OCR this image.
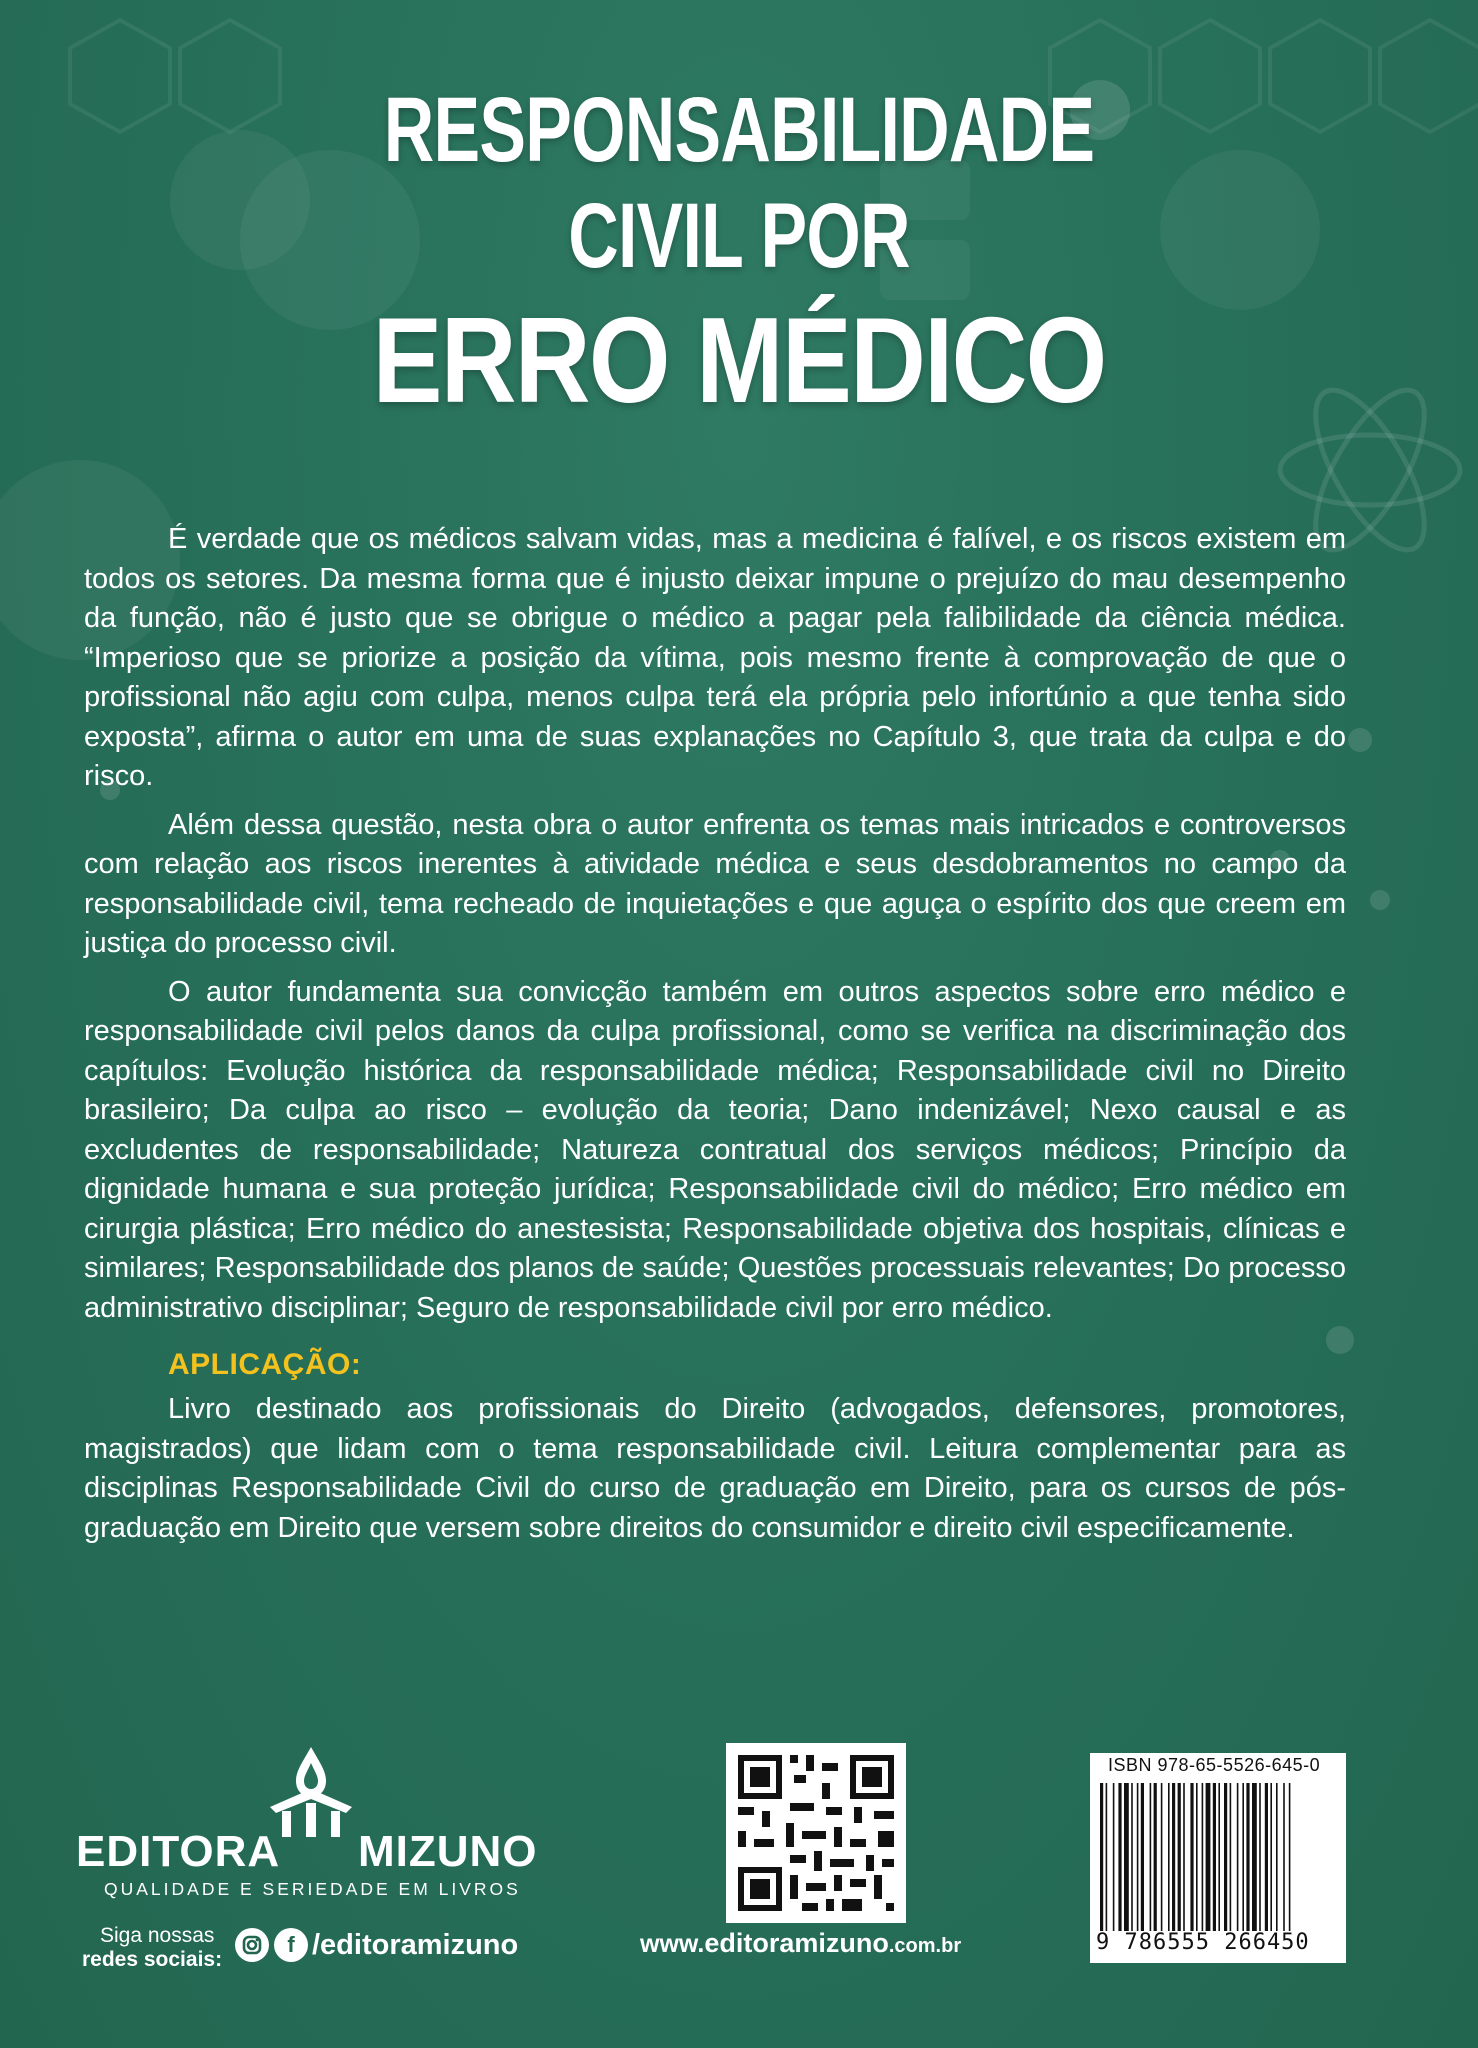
RESPONSABILIDADE
CIVIL POR
ERRO MÉDICO

É verdade que os médicos salvam vidas, mas a medicina é falível, e os riscos existem em todos os setores. Da mesma forma que é injusto deixar impune o prejuízo do mau desempenho da função, não é justo que se obrigue o médico a pagar pela falibilidade da ciência médica. “Imperioso que se priorize a posição da vítima, pois mesmo frente à comprovação de que o profissional não agiu com culpa, menos culpa terá ela própria pelo infortúnio a que tenha sido exposta”, afirma o autor em uma de suas explanações no Capítulo 3, que trata da culpa e do risco.

Além dessa questão, nesta obra o autor enfrenta os temas mais intricados e controversos com relação aos riscos inerentes à atividade médica e seus desdobramentos no campo da responsabilidade civil, tema recheado de inquietações e que aguça o espírito dos que creem em justiça do processo civil.

O autor fundamenta sua convicção também em outros aspectos sobre erro médico e responsabilidade civil pelos danos da culpa profissional, como se verifica na discriminação dos capítulos: Evolução histórica da responsabilidade médica; Responsabilidade civil no Direito brasileiro; Da culpa ao risco – evolução da teoria; Dano indenizável; Nexo causal e as excludentes de responsabilidade; Natureza contratual dos serviços médicos; Princípio da dignidade humana e sua proteção jurídica; Responsabilidade civil do médico; Erro médico em cirurgia plástica; Erro médico do anestesista; Responsabilidade objetiva dos hospitais, clínicas e similares; Responsabilidade dos planos de saúde; Questões processuais relevantes; Do processo administrativo disciplinar; Seguro de responsabilidade civil por erro médico.

APLICAÇÃO:

Livro destinado aos profissionais do Direito (advogados, defensores, promotores, magistrados) que lidam com o tema responsabilidade civil. Leitura complementar para as disciplinas Responsabilidade Civil do curso de graduação em Direito, para os cursos de pós-graduação em Direito que versem sobre direitos do consumidor e direito civil especificamente.

EDITORA MIZUNO
QUALIDADE E SERIEDADE EM LIVROS
Siga nossas
redes sociais:
f /editoramizuno	www.editoramizuno.com.br
ISBN 978-65-5526-645-0
9 786555 266450
